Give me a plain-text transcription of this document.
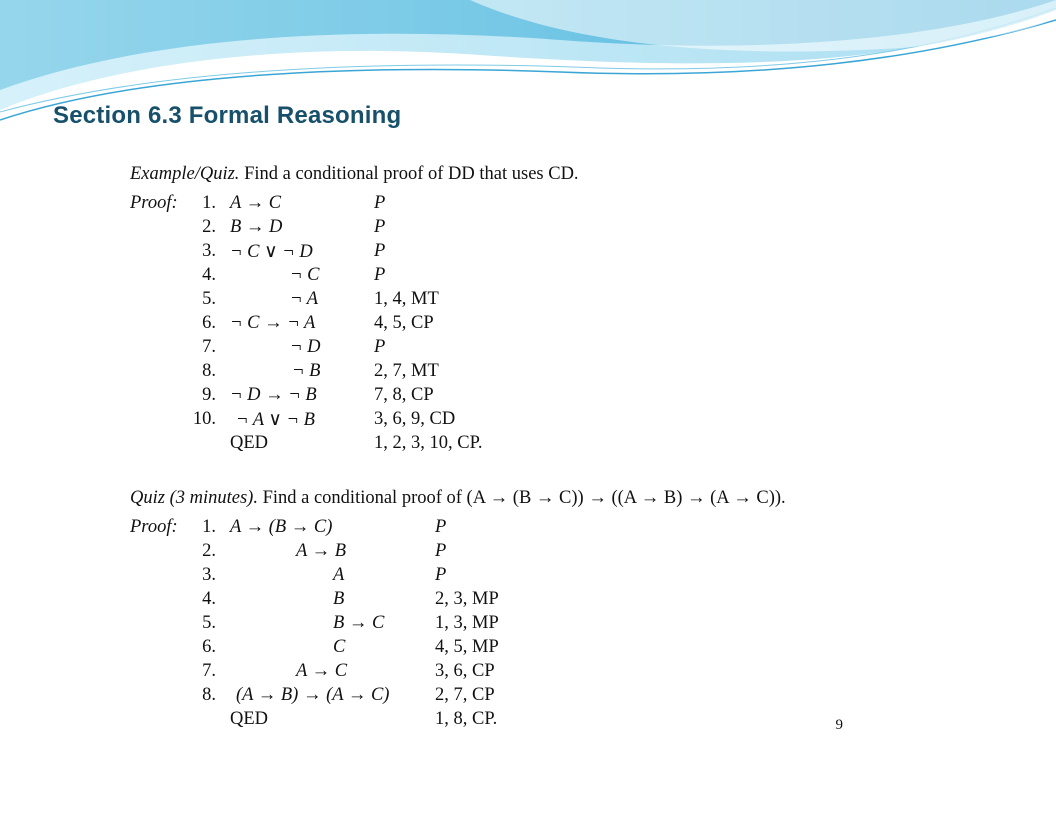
Section 6.3 Formal Reasoning
Example/Quiz. Find a conditional proof of DD that uses CD.
Proof:	1. A → C	P
2. B → D	P
3. ¬ C ∨ ¬ D	P
4.	¬ C	P
5.	¬ A	1, 4, MT
6. ¬ C → ¬ A	4, 5, CP
7.	¬ D	P
8.	¬ B	2, 7, MT
9. ¬ D → ¬ B	7, 8, CP
10. ¬ A ∨ ¬ B	3, 6, 9, CD
QED	1, 2, 3, 10, CP.
Quiz (3 minutes). Find a conditional proof of (A → (B → C)) → ((A → B) → (A → C)).
Proof:	1. A → (B → C)	P
2.	A → B	P
3.	A	P
4.	B	2, 3, MP
5.	B → C	1, 3, MP
6.	C	4, 5, MP
7.	A → C	3, 6, CP
8. (A → B) → (A → C) 2, 7, CP
QED	1, 8, CP.	9
